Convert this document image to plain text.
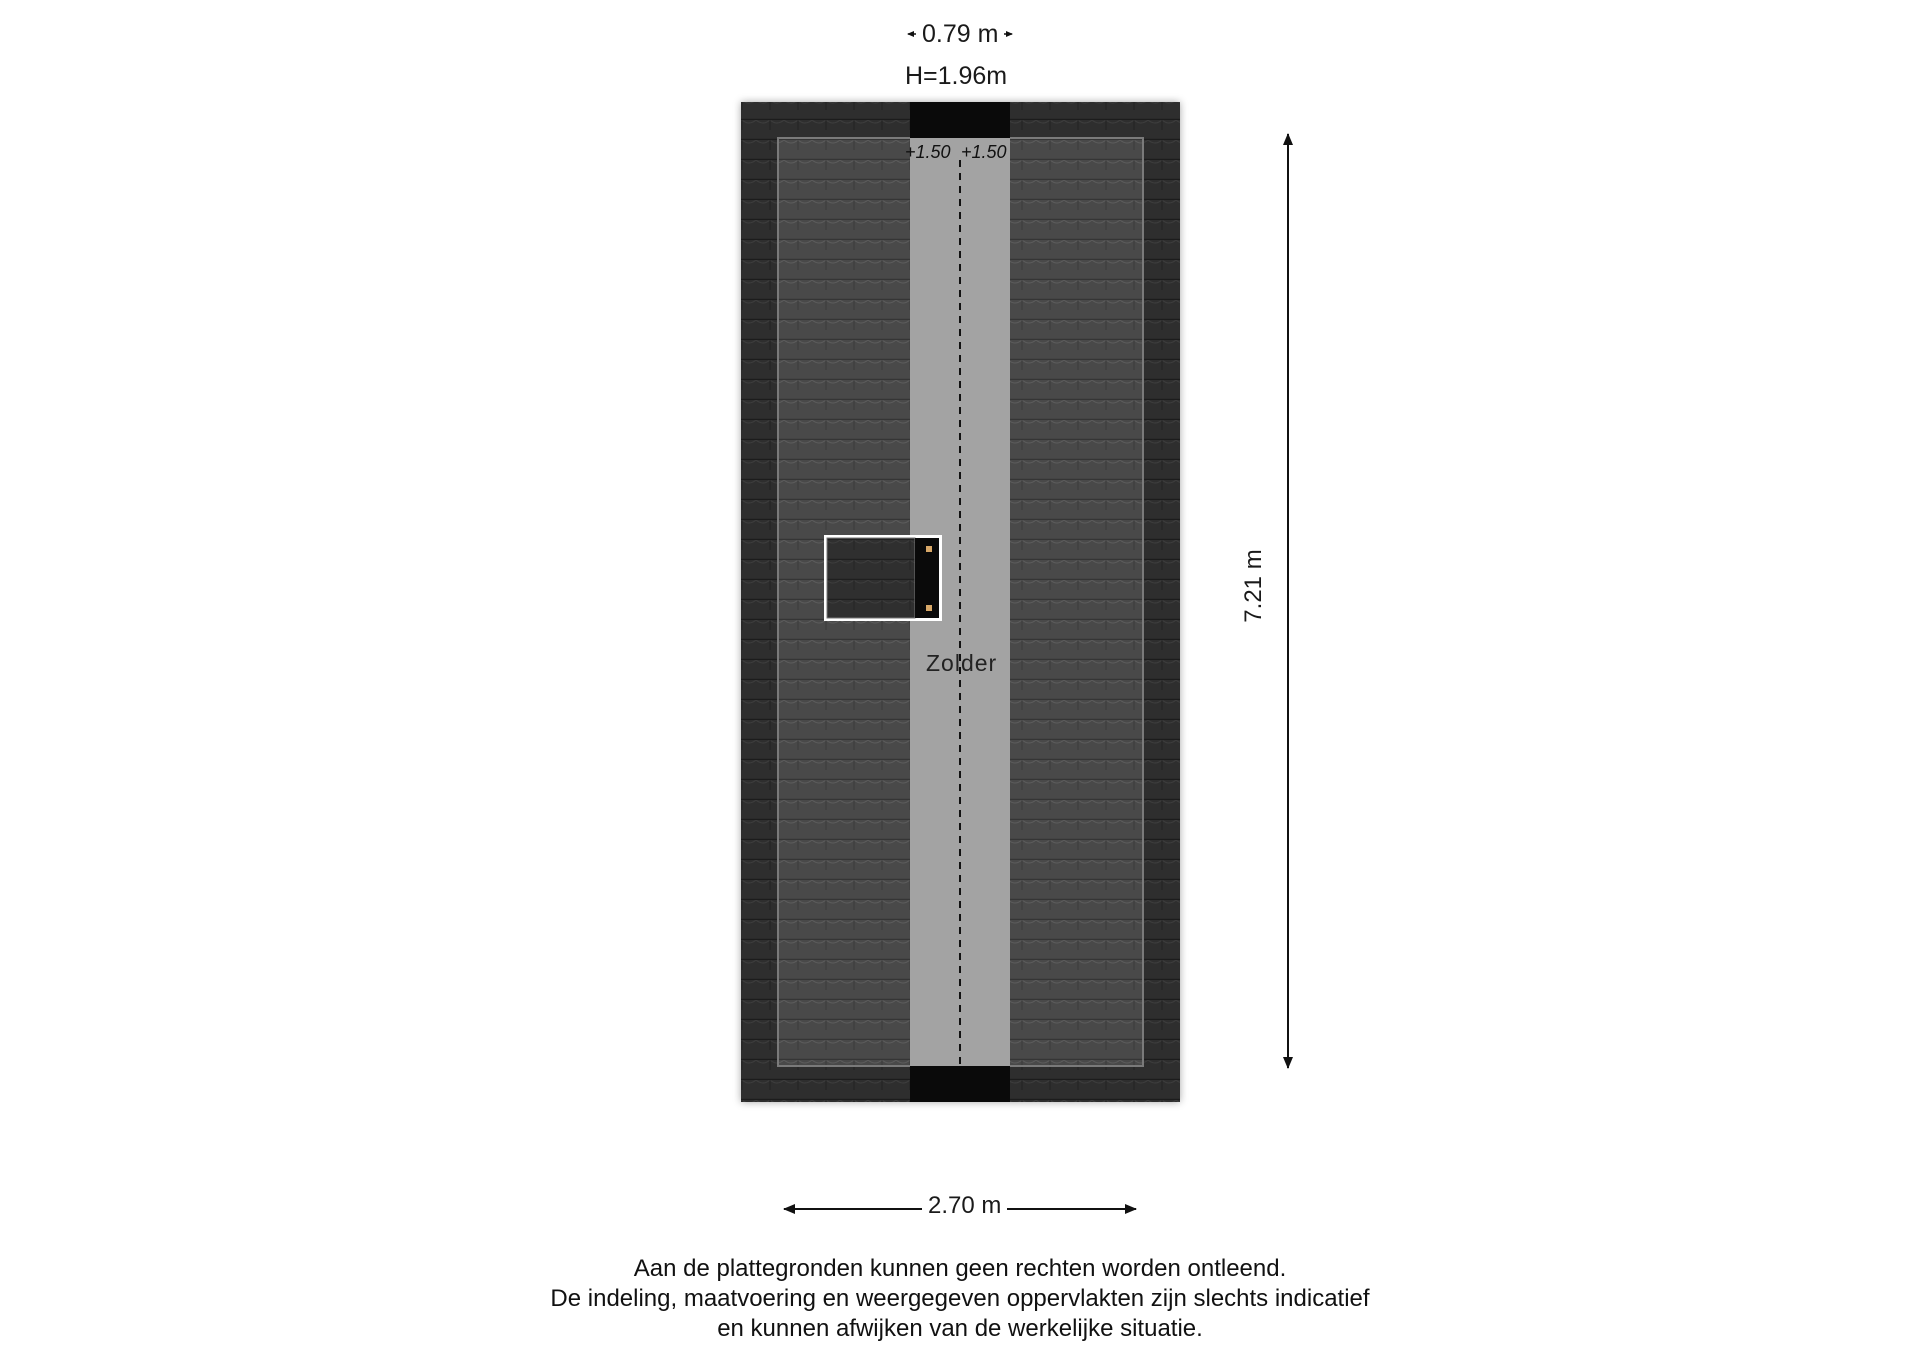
0.79 m
H=1.96m
+1.50 +1.50
Zolder
2.70 m
7.21 m
Aan de plattegronden kunnen geen rechten worden ontleend.
De indeling, maatvoering en weergegeven oppervlakten zijn slechts indicatief
en kunnen afwijken van de werkelijke situatie.
